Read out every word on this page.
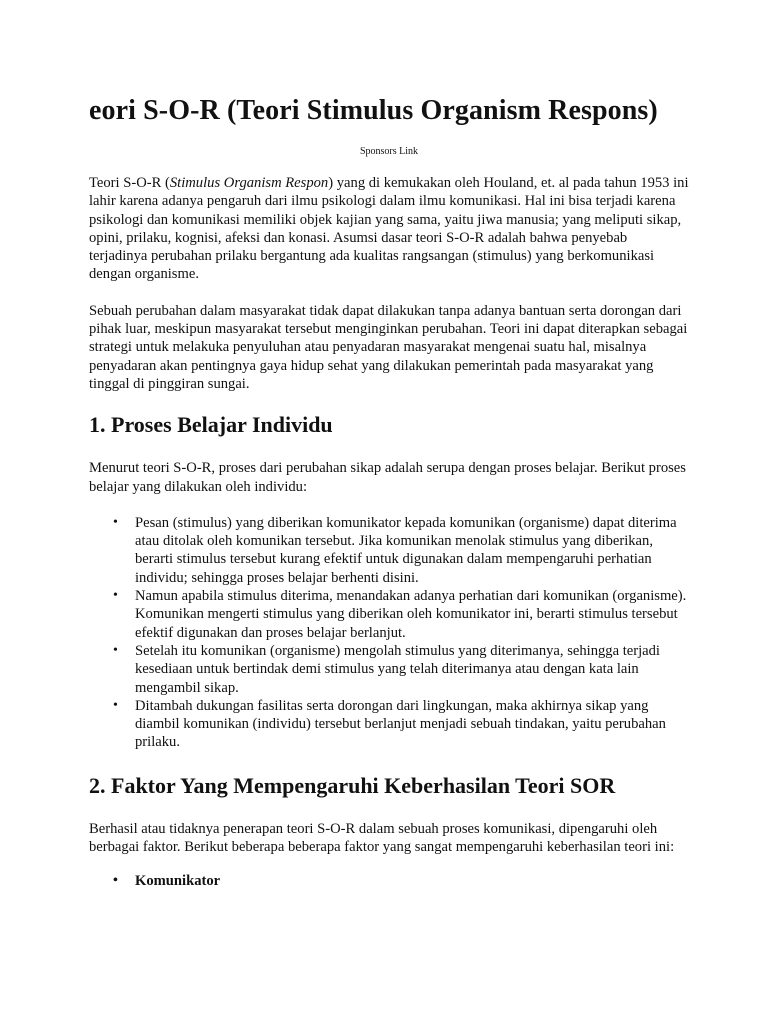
eori S-O-R (Teori Stimulus Organism Respons)
Sponsors Link

Teori S-O-R (Stimulus Organism Respon) yang di kemukakan oleh Houland, et. al pada tahun 1953 ini lahir karena adanya pengaruh dari ilmu psikologi dalam ilmu komunikasi. Hal ini bisa terjadi karena psikologi dan komunikasi memiliki objek kajian yang sama, yaitu jiwa manusia; yang meliputi sikap, opini, prilaku, kognisi, afeksi dan konasi. Asumsi dasar teori S-O-R adalah bahwa penyebab terjadinya perubahan prilaku bergantung ada kualitas rangsangan (stimulus) yang berkomunikasi dengan organisme.

Sebuah perubahan dalam masyarakat tidak dapat dilakukan tanpa adanya bantuan serta dorongan dari pihak luar, meskipun masyarakat tersebut menginginkan perubahan. Teori ini dapat diterapkan sebagai strategi untuk melakuka penyuluhan atau penyadaran masyarakat mengenai suatu hal, misalnya penyadaran akan pentingnya gaya hidup sehat yang dilakukan pemerintah pada masyarakat yang tinggal di pinggiran sungai.

1. Proses Belajar Individu

Menurut teori S-O-R, proses dari perubahan sikap adalah serupa dengan proses belajar. Berikut proses belajar yang dilakukan oleh individu:

• Pesan (stimulus) yang diberikan komunikator kepada komunikan (organisme) dapat diterima atau ditolak oleh komunikan tersebut. Jika komunikan menolak stimulus yang diberikan, berarti stimulus tersebut kurang efektif untuk digunakan dalam mempengaruhi perhatian individu; sehingga proses belajar berhenti disini.
• Namun apabila stimulus diterima, menandakan adanya perhatian dari komunikan (organisme). Komunikan mengerti stimulus yang diberikan oleh komunikator ini, berarti stimulus tersebut efektif digunakan dan proses belajar berlanjut.
• Setelah itu komunikan (organisme) mengolah stimulus yang diterimanya, sehingga terjadi kesediaan untuk bertindak demi stimulus yang telah diterimanya atau dengan kata lain mengambil sikap.
• Ditambah dukungan fasilitas serta dorongan dari lingkungan, maka akhirnya sikap yang diambil komunikan (individu) tersebut berlanjut menjadi sebuah tindakan, yaitu perubahan prilaku.
2. Faktor Yang Mempengaruhi Keberhasilan Teori SOR

Berhasil atau tidaknya penerapan teori S-O-R dalam sebuah proses komunikasi, dipengaruhi oleh berbagai faktor. Berikut beberapa beberapa faktor yang sangat mempengaruhi keberhasilan teori ini:

• Komunikator
